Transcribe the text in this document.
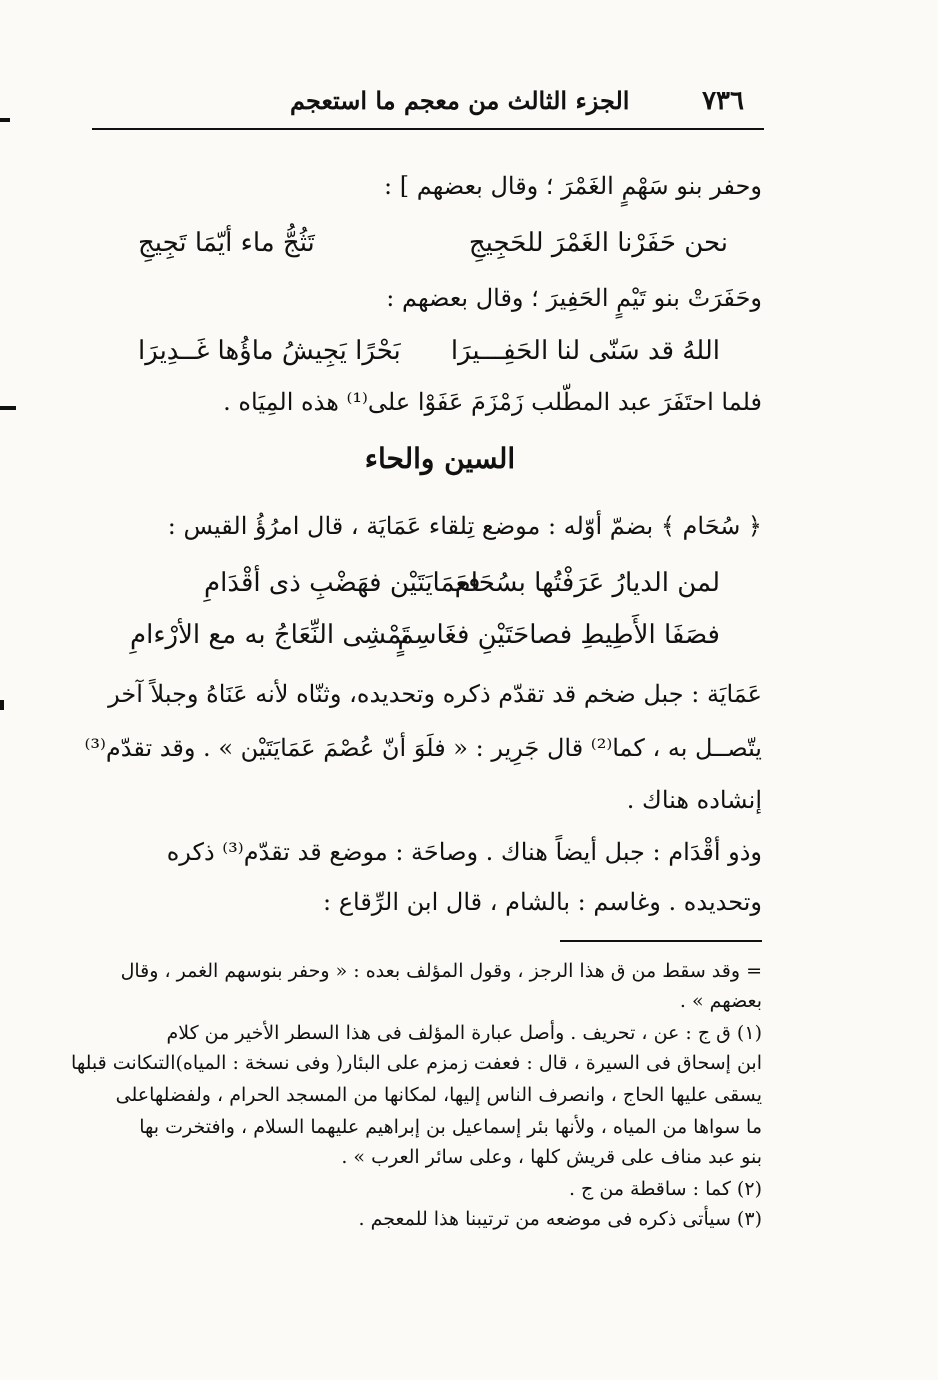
٧٣٦
الجزء الثالث من معجم ما استعجم
وحفر بنو سَهْمٍ الغَمْرَ ؛ وقال بعضهم ] :
نحن حَفَرْنا الغَمْرَ للحَجِيجِ
تَثُجُّ ماء أيّمَا تَجِيجِ
وحَفَرَتْ بنو تَيْمٍ الحَفِيرَ ؛ وقال بعضهم :
اللهُ قد سَنّى لنا الحَفِـــيرَا
بَحْرًا يَجِيشُ ماؤُها غَــدِيرَا
فلما احتَفَرَ عبد المطّلب زَمْزَمَ عَفَوْا على⁽¹⁾ هذه المِيَاه .
السين والحاء
﴿ سُحَام ﴾ بضمّ أوّله : موضع تِلقاء عَمَايَة ، قال امرُؤُ القيس :
لمن الديارُ عَرَفْتُها بسُحَام
فعَمَايَتَيْن فهَضْبِ ذى أقْدَامِ
فصَفَا الأَطِيطِ فصاحَتَيْنِ فغَاسِمٍ
تَمْشِى النِّعَاجُ به مع الأرْءامِ
عَمَايَة : جبل ضخم قد تقدّم ذكره وتحديده، وثنّاه لأنه عَنَاهُ وجبلاً آخر
يتّصــل به ، كما⁽²⁾ قال جَرِير : « فلَوَ أنّ عُصْمَ عَمَايَتَيْن » . وقد تقدّم⁽³⁾
إنشاده هناك .
وذو أقْدَام : جبل أيضاً هناك . وصاحَة : موضع قد تقدّم⁽³⁾ ذكره
وتحديده . وغاسم : بالشام ، قال ابن الرِّقاع :
= وقد سقط من ق هذا الرجز ، وقول المؤلف بعده : « وحفر بنوسهم الغمر ، وقال
بعضهم » .
(١) ق ج : عن ، تحريف . وأصل عبارة المؤلف فى هذا السطر الأخير من كلام
ابن إسحاق فى السيرة ، قال : فعفت زمزم على البئار( وفى نسخة : المياه)التىكانت قبلها
يسقى عليها الحاج ، وانصرف الناس إليها، لمكانها من المسجد الحرام ، ولفضلهاعلى
ما سواها من المياه ، ولأنها بئر إسماعيل بن إبراهيم عليهما السلام ، وافتخرت بها
بنو عبد مناف على قريش كلها ، وعلى سائر العرب » .
(٢) كما : ساقطة من ج .
(٣) سيأتى ذكره فى موضعه من ترتيبنا هذا للمعجم .
